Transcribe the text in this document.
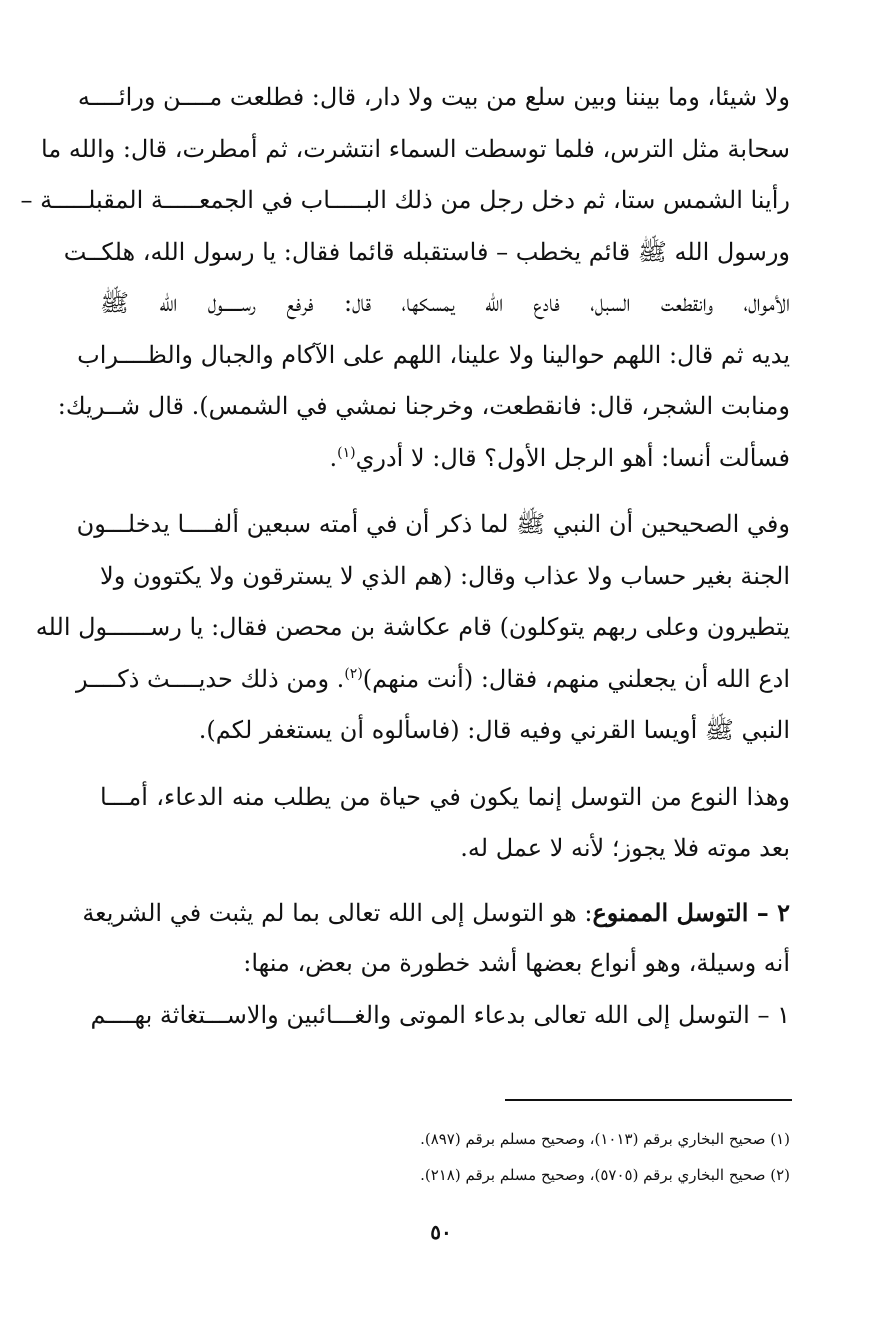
ولا شيئا، وما بيننا وبين سلع من بيت ولا دار، قال: فطلعت مــــن ورائــــه
سحابة مثل الترس، فلما توسطت السماء انتشرت، ثم أمطرت، قال: والله ما
رأينا الشمس ستا، ثم دخل رجل من ذلك البـــــاب في الجمعـــــة المقبلـــــة –
ورسول الله ﷺ قائم يخطب – فاستقبله قائما فقال: يا رسول الله، هلكــت
الأموال، وانقطعت السبل، فادع الله يمسكها، قال: فرفع رســــــول الله ﷺ
يديه ثم قال: اللهم حوالينا ولا علينا، اللهم على الآكام والجبال والظــــراب
ومنابت الشجر، قال: فانقطعت، وخرجنا نمشي في الشمس). قال شــريك:
فسألت أنسا: أهو الرجل الأول؟ قال: لا أدري$^{(١)}$.
وفي الصحيحين أن النبي ﷺ لما ذكر أن في أمته سبعين ألفــــا يدخلـــون
الجنة بغير حساب ولا عذاب وقال: (هم الذي لا يسترقون ولا يكتوون ولا
يتطيرون وعلى ربهم يتوكلون) قام عكاشة بن محصن فقال: يا رســــــول الله
ادع الله أن يجعلني منهم، فقال: (أنت منهم)$^{(٢)}$. ومن ذلك حديــــث ذكــــر
النبي ﷺ أويسا القرني وفيه قال: (فاسألوه أن يستغفر لكم).
وهذا النوع من التوسل إنما يكون في حياة من يطلب منه الدعاء، أمـــا
بعد موته فلا يجوز؛ لأنه لا عمل له.
٢ – التوسل الممنوع: هو التوسل إلى الله تعالى بما لم يثبت في الشريعة
أنه وسيلة، وهو أنواع بعضها أشد خطورة من بعض، منها:
١ – التوسل إلى الله تعالى بدعاء الموتى والغـــائبين والاســـتغاثة بهــــم
(١) صحيح البخاري برقم (١٠١٣)، وصحيح مسلم برقم (٨٩٧).
(٢) صحيح البخاري برقم (٥٧٠٥)، وصحيح مسلم برقم (٢١٨).
٥٠
